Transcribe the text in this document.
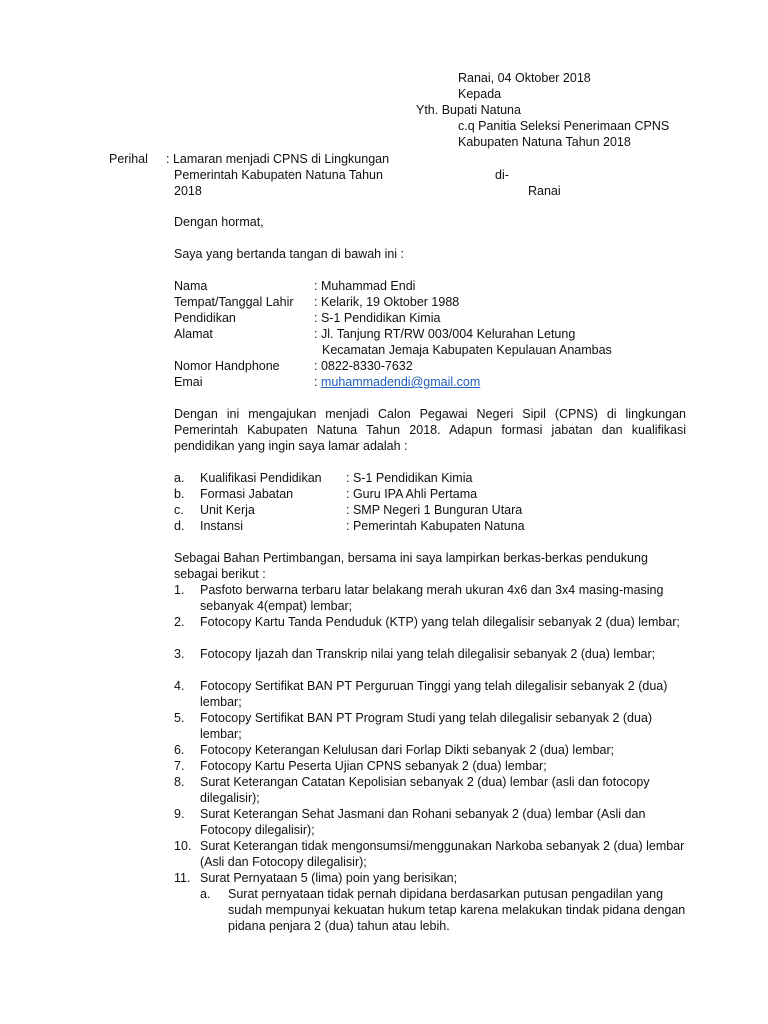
Ranai, 04 Oktober 2018
Kepada
Yth. Bupati Natuna
c.q Panitia Seleksi Penerimaan CPNS
Kabupaten Natuna Tahun 2018
Perihal : Lamaran menjadi CPNS di Lingkungan
Pemerintah Kabupaten Natuna Tahun
2018
di-
Ranai
Dengan hormat,
Saya yang bertanda tangan di bawah ini :
Nama	: Muhammad Endi
Tempat/Tanggal Lahir	: Kelarik, 19 Oktober 1988
Pendidikan	: S-1 Pendidikan Kimia
Alamat	: Jl. Tanjung RT/RW 003/004 Kelurahan Letung
Kecamatan Jemaja Kabupaten Kepulauan Anambas
Nomor Handphone	: 0822-8330-7632
Emai	: muhammadendi@gmail.com
Dengan ini mengajukan menjadi Calon Pegawai Negeri Sipil (CPNS) di lingkungan Pemerintah Kabupaten Natuna Tahun 2018. Adapun formasi jabatan dan kualifikasi pendidikan yang ingin saya lamar adalah :
a. Kualifikasi Pendidikan : S-1 Pendidikan Kimia
b. Formasi Jabatan	: Guru IPA Ahli Pertama
c. Unit Kerja	: SMP Negeri 1 Bunguran Utara
d. Instansi	: Pemerintah Kabupaten Natuna
Sebagai Bahan Pertimbangan, bersama ini saya lampirkan berkas-berkas pendukung sebagai berikut :
1.	Pasfoto berwarna terbaru latar belakang merah ukuran 4x6 dan 3x4 masing-masing sebanyak 4(empat) lembar;
2.	Fotocopy Kartu Tanda Penduduk (KTP) yang telah dilegalisir sebanyak 2 (dua) lembar;
3.	Fotocopy Ijazah dan Transkrip nilai yang telah dilegalisir sebanyak 2 (dua) lembar;
4.	Fotocopy Sertifikat BAN PT Perguruan Tinggi yang telah dilegalisir sebanyak 2 (dua) lembar;
5.	Fotocopy Sertifikat BAN PT Program Studi yang telah dilegalisir sebanyak 2 (dua) lembar;
6.	Fotocopy Keterangan Kelulusan dari Forlap Dikti sebanyak 2 (dua) lembar;
7.	Fotocopy Kartu Peserta Ujian CPNS sebanyak 2 (dua) lembar;
8.	Surat Keterangan Catatan Kepolisian sebanyak 2 (dua) lembar (asli dan fotocopy dilegalisir);
9.	Surat Keterangan Sehat Jasmani dan Rohani sebanyak 2 (dua) lembar (Asli dan Fotocopy dilegalisir);
10. Surat Keterangan tidak mengonsumsi/menggunakan Narkoba sebanyak 2 (dua) lembar (Asli dan Fotocopy dilegalisir);
11. Surat Pernyataan 5 (lima) poin yang berisikan;
a.	Surat pernyataan tidak pernah dipidana berdasarkan putusan pengadilan yang sudah mempunyai kekuatan hukum tetap karena melakukan tindak pidana dengan pidana penjara 2 (dua) tahun atau lebih.
